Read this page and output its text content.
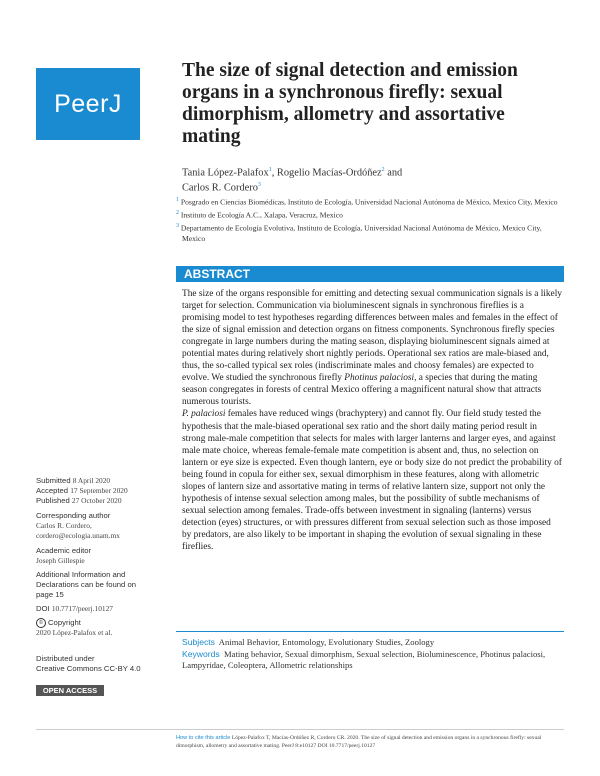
PeerJ
The size of signal detection and emission organs in a synchronous firefly: sexual dimorphism, allometry and assortative mating
Tania López-Palafox$^1$, Rogelio Macías-Ordóñez$^2$ and
Carlos R. Cordero$^3$
$^1$ Posgrado en Ciencias Biomédicas, Instituto de Ecología, Universidad Nacional Autónoma de México, Mexico City, Mexico
$^2$ Instituto de Ecología A.C., Xalapa, Veracruz, Mexico
$^3$ Departamento de Ecología Evolutiva, Instituto de Ecología, Universidad Nacional Autónoma de México, Mexico City, Mexico
ABSTRACT

The size of the organs responsible for emitting and detecting sexual communication signals is a likely target for selection. Communication via bioluminescent signals in synchronous fireflies is a promising model to test hypotheses regarding differences between males and females in the effect of the size of signal emission and detection organs on fitness components. Synchronous firefly species congregate in large numbers during the mating season, displaying bioluminescent signals aimed at potential mates during relatively short nightly periods. Operational sex ratios are male-biased and, thus, the so-called typical sex roles (indiscriminate males and choosy females) are expected to evolve. We studied the synchronous firefly Photinus palaciosi, a species that during the mating season congregates in forests of central Mexico offering a magnificent natural show that attracts numerous tourists.

P. palaciosi females have reduced wings (brachyptery) and cannot fly. Our field study tested the hypothesis that the male-biased operational sex ratio and the short daily mating period result in strong male-male competition that selects for males with larger lanterns and larger eyes, and against male mate choice, whereas female-female mate competition is absent and, thus, no selection on lantern or eye size is expected. Even though lantern, eye or body size do not predict the probability of being found in copula for either sex, sexual dimorphism in these features, along with allometric slopes of lantern size and assortative mating in terms of relative lantern size, support not only the hypothesis of intense sexual selection among males, but the possibility of subtle mechanisms of sexual selection among females. Trade-offs between investment in signaling (lanterns) versus detection (eyes) structures, or with pressures different from sexual selection such as those imposed by predators, are also likely to be important in shaping the evolution of sexual signaling in these fireflies.

Subjects Animal Behavior, Entomology, Evolutionary Studies, Zoology
Keywords Mating behavior, Sexual dimorphism, Sexual selection, Bioluminescence, Photinus palaciosi, Lampyridae, Coleoptera, Allometric relationships
Submitted 8 April 2020
Accepted 17 September 2020
Published 27 October 2020
Corresponding author
Carlos R. Cordero,
cordero@ecologia.unam.mx
Academic editor
Joseph Gillespie
Additional Information and Declarations can be found on page 15
DOI 10.7717/peerj.10127
© Copyright
2020 López-Palafox et al.
Distributed under
Creative Commons CC-BY 4.0
OPEN ACCESS
How to cite this article López-Palafox T, Macías-Ordóñez R, Cordero CR. 2020. The size of signal detection and emission organs in a synchronous firefly: sexual dimorphism, allometry and assortative mating. PeerJ 8:e10127 DOI 10.7717/peerj.10127
